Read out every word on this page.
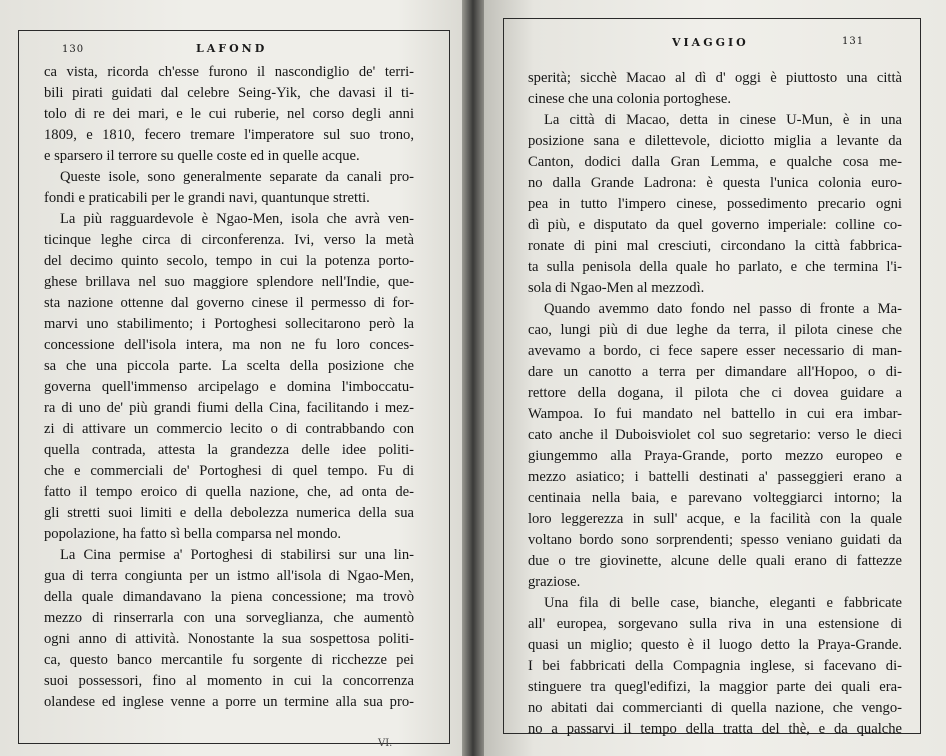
130	LAFOND	VIAGGIO	131
ca vista, ricorda ch'esse furono il nascondiglio de' terri-
bili pirati guidati dal celebre Seing-Yik, che davasi il ti-
tolo di re dei mari, e le cui ruberie, nel corso degli anni
1809, e 1810, fecero tremare l'imperatore sul suo trono,
e sparsero il terrore su quelle coste ed in quelle acque.
Queste isole, sono generalmente separate da canali pro-
fondi e praticabili per le grandi navi, quantunque stretti.
La più ragguardevole è Ngao-Men, isola che avrà ven-
ticinque leghe circa di circonferenza. Ivi, verso la metà
del decimo quinto secolo, tempo in cui la potenza porto-
ghese brillava nel suo maggiore splendore nell'Indie, que-
sta nazione ottenne dal governo cinese il permesso di for-
marvi uno stabilimento; i Portoghesi sollecitarono però la
concessione dell'isola intera, ma non ne fu loro conces-
sa che una piccola parte. La scelta della posizione che
governa quell'immenso arcipelago e domina l'imboccatu-
ra di uno de' più grandi fiumi della Cina, facilitando i mez-
zi di attivare un commercio lecito o di contrabbando con
quella contrada, attesta la grandezza delle idee politi-
che e commerciali de' Portoghesi di quel tempo. Fu di
fatto il tempo eroico di quella nazione, che, ad onta de-
gli stretti suoi limiti e della debolezza numerica della sua
popolazione, ha fatto sì bella comparsa nel mondo.
La Cina permise a' Portoghesi di stabilirsi sur una lin-
gua di terra congiunta per un istmo all'isola di Ngao-Men,
della quale dimandavano la piena concessione; ma trovò
mezzo di rinserrarla con una sorveglianza, che aumentò
ogni anno di attività. Nonostante la sua sospettosa politi-
ca, questo banco mercantile fu sorgente di ricchezze pei
suoi possessori, fino al momento in cui la concorrenza
olandese ed inglese venne a porre un termine alla sua pro-
sperità; sicchè Macao al dì d' oggi è piuttosto una città
cinese che una colonia portoghese.
La città di Macao, detta in cinese U-Mun, è in una
posizione sana e dilettevole, diciotto miglia a levante da
Canton, dodici dalla Gran Lemma, e qualche cosa me-
no dalla Grande Ladrona: è questa l'unica colonia euro-
pea in tutto l'impero cinese, possedimento precario ogni
dì più, e disputato da quel governo imperiale: colline co-
ronate di pini mal cresciuti, circondano la città fabbrica-
ta sulla penisola della quale ho parlato, e che termina l'i-
sola di Ngao-Men al mezzodì.
Quando avemmo dato fondo nel passo di fronte a Ma-
cao, lungi più di due leghe da terra, il pilota cinese che
avevamo a bordo, ci fece sapere esser necessario di man-
dare un canotto a terra per dimandare all'Hopoo, o di-
rettore della dogana, il pilota che ci dovea guidare a
Wampoa. Io fui mandato nel battello in cui era imbar-
cato anche il Duboisviolet col suo segretario: verso le dieci
giungemmo alla Praya-Grande, porto mezzo europeo e
mezzo asiatico; i battelli destinati a' passeggieri erano a
centinaia nella baia, e parevano volteggiarci intorno; la
loro leggerezza in sull' acque, e la facilità con la quale
voltano bordo sono sorprendenti; spesso veniano guidati da
due o tre giovinette, alcune delle quali erano di fattezze
graziose.
Una fila di belle case, bianche, eleganti e fabbricate
all' europea, sorgevano sulla riva in una estensione di
quasi un miglio; questo è il luogo detto la Praya-Grande.
I bei fabbricati della Compagnia inglese, si facevano di-
stinguere tra quegl'edifizi, la maggior parte dei quali era-
no abitati dai commercianti di quella nazione, che vengo-
no a passarvi il tempo della tratta del thè, e da qualche
VI.
